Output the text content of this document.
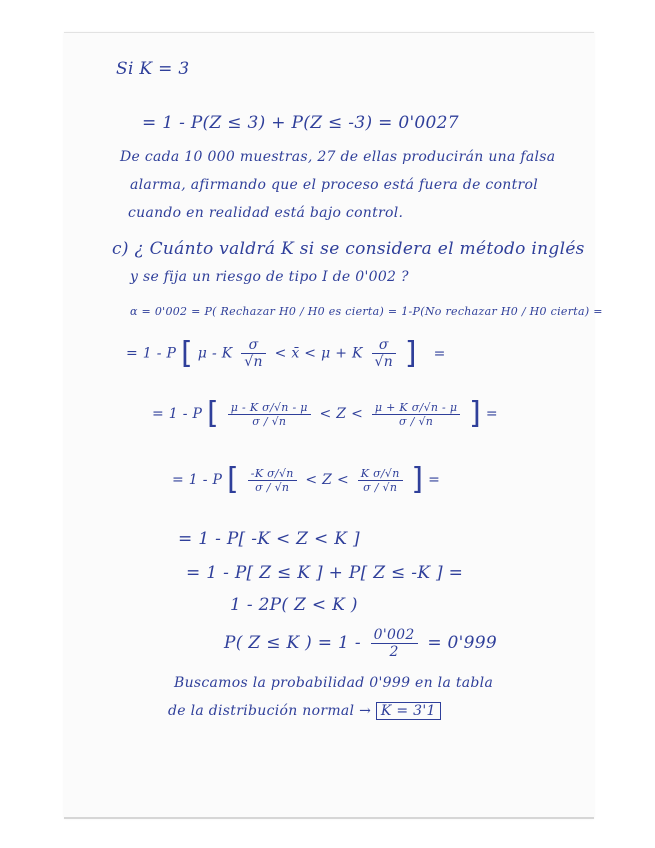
Si K = 3
= 1 - P(Z ≤ 3) + P(Z ≤ -3) = 0'0027
De cada 10 000 muestras, 27 de ellas producirán una falsa
alarma, afirmando que el proceso está fuera de control
cuando en realidad está bajo control.
c) ¿ Cuánto valdrá K si se considera el método inglés
y se fija un riesgo de tipo I de 0'002 ?
α = 0'002 = P( Rechazar H0 / H0 es cierta) = 1-P(No rechazar H0 / H0 cierta) =
= 1 - P [ μ - K $\frac{\sigma}{√n}$ < x̄ < μ + K $\frac{\sigma}{√n}$ ] =
= 1 - P [ $\frac{\text{μ - K σ/√n - μ}}{\sigma / √n} < Z < \frac{\text{μ + K σ/√n - μ}}{\sigma / √n}$ ] =
= 1 - P [ $\frac{\text{-K σ/√n}}{\sigma / √n} < Z < \frac{\text{K σ/√n}}{\sigma / √n}$ ] =
= 1 - P[ -K < Z < K ]
= 1 - P[ Z ≤ K ] + P[ Z ≤ -K ] =
1 - 2P( Z < K )
P( Z ≤ K ) = $1 - \frac{0'002}{2} = 0'999$
Buscamos la probabilidad 0'999 en la tabla
de la distribución normal → K = 3'1
